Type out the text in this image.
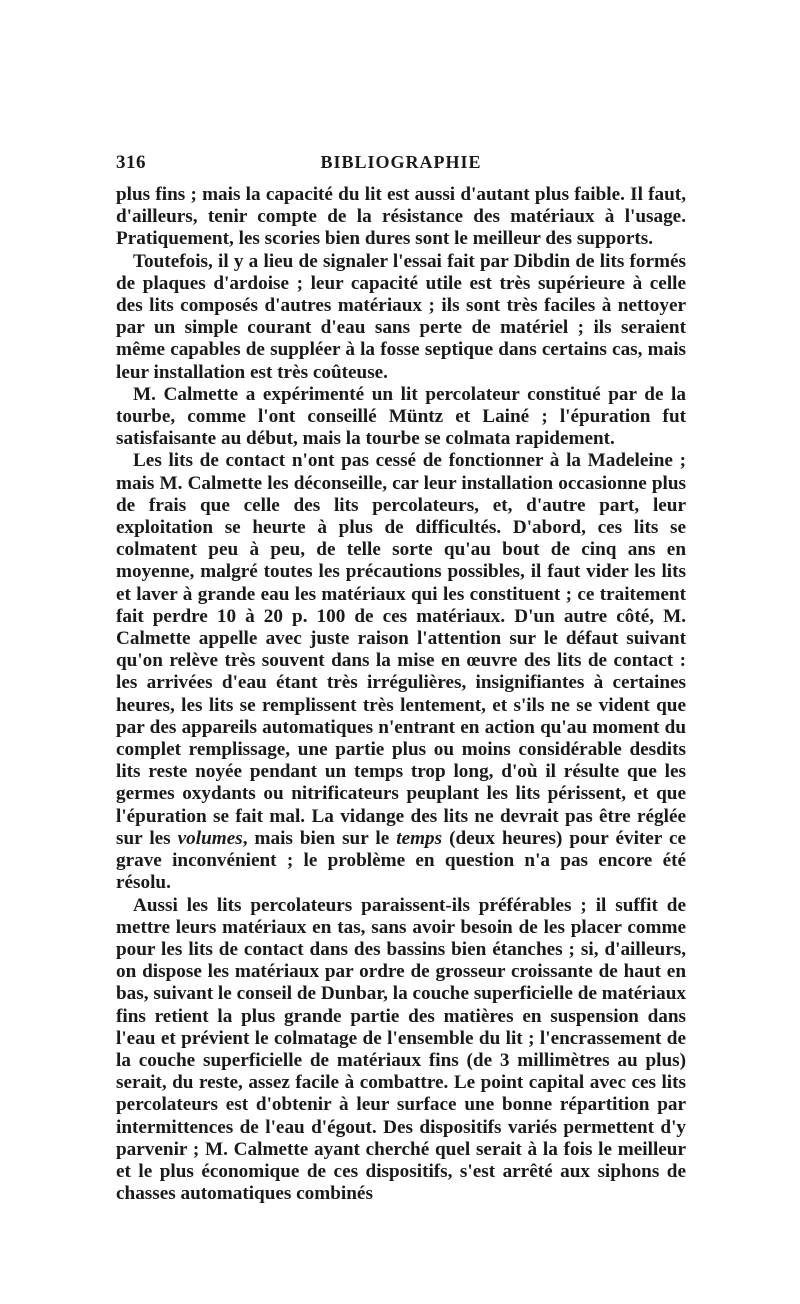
316	BIBLIOGRAPHIE

plus fins ; mais la capacité du lit est aussi d'autant plus faible. Il faut, d'ailleurs, tenir compte de la résistance des matériaux à l'usage. Pratiquement, les scories bien dures sont le meilleur des supports.

Toutefois, il y a lieu de signaler l'essai fait par Dibdin de lits formés de plaques d'ardoise ; leur capacité utile est très supérieure à celle des lits composés d'autres matériaux ; ils sont très faciles à nettoyer par un simple courant d'eau sans perte de matériel ; ils seraient même capables de suppléer à la fosse septique dans certains cas, mais leur installation est très coûteuse.

M. Calmette a expérimenté un lit percolateur constitué par de la tourbe, comme l'ont conseillé Müntz et Lainé ; l'épuration fut satisfaisante au début, mais la tourbe se colmata rapidement.

Les lits de contact n'ont pas cessé de fonctionner à la Madeleine ; mais M. Calmette les déconseille, car leur installation occasionne plus de frais que celle des lits percolateurs, et, d'autre part, leur exploitation se heurte à plus de difficultés. D'abord, ces lits se colmatent peu à peu, de telle sorte qu'au bout de cinq ans en moyenne, malgré toutes les précautions possibles, il faut vider les lits et laver à grande eau les matériaux qui les constituent ; ce traitement fait perdre 10 à 20 p. 100 de ces matériaux. D'un autre côté, M. Calmette appelle avec juste raison l'attention sur le défaut suivant qu'on relève très souvent dans la mise en œuvre des lits de contact : les arrivées d'eau étant très irrégulières, insignifiantes à certaines heures, les lits se remplissent très lentement, et s'ils ne se vident que par des appareils automatiques n'entrant en action qu'au moment du complet remplissage, une partie plus ou moins considérable desdits lits reste noyée pendant un temps trop long, d'où il résulte que les germes oxydants ou nitrificateurs peuplant les lits périssent, et que l'épuration se fait mal. La vidange des lits ne devrait pas être réglée sur les volumes, mais bien sur le temps (deux heures) pour éviter ce grave inconvénient ; le problème en question n'a pas encore été résolu.

Aussi les lits percolateurs paraissent-ils préférables ; il suffit de mettre leurs matériaux en tas, sans avoir besoin de les placer comme pour les lits de contact dans des bassins bien étanches ; si, d'ailleurs, on dispose les matériaux par ordre de grosseur croissante de haut en bas, suivant le conseil de Dunbar, la couche superficielle de matériaux fins retient la plus grande partie des matières en suspension dans l'eau et prévient le colmatage de l'ensemble du lit ; l'encrassement de la couche superficielle de matériaux fins (de 3 millimètres au plus) serait, du reste, assez facile à combattre. Le point capital avec ces lits percolateurs est d'obtenir à leur surface une bonne répartition par intermittences de l'eau d'égout. Des dispositifs variés permettent d'y parvenir ; M. Calmette ayant cherché quel serait à la fois le meilleur et le plus économique de ces dispositifs, s'est arrêté aux siphons de chasses automatiques combinés
